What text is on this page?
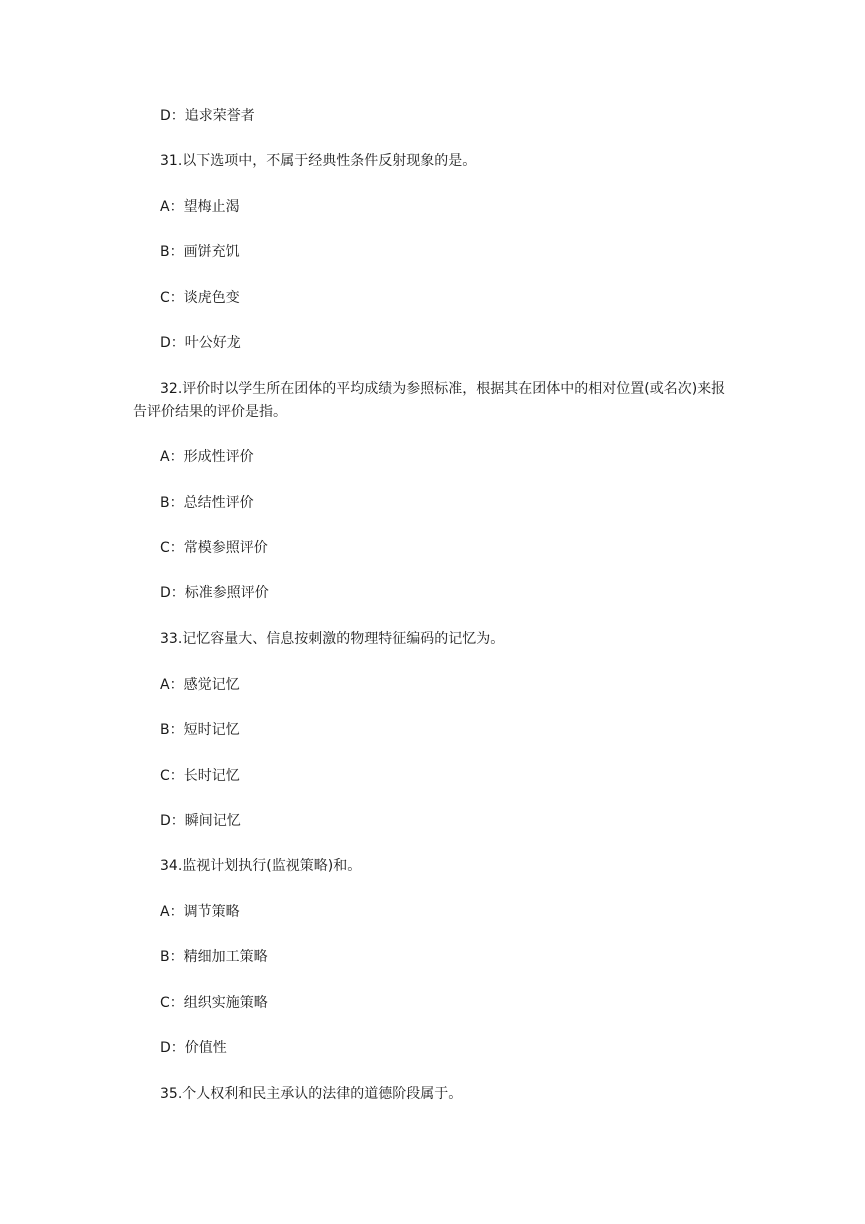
D：追求荣誉者
31.以下选项中，不属于经典性条件反射现象的是。
A：望梅止渴
B：画饼充饥
C：谈虎色变
D：叶公好龙
32.评价时以学生所在团体的平均成绩为参照标准，根据其在团体中的相对位置(或名次)来报告评价结果的评价是指。
A：形成性评价
B：总结性评价
C：常模参照评价
D：标准参照评价
33.记忆容量大、信息按刺激的物理特征编码的记忆为。
A：感觉记忆
B：短时记忆
C：长时记忆
D：瞬间记忆
34.监视计划执行(监视策略)和。
A：调节策略
B：精细加工策略
C：组织实施策略
D：价值性
35.个人权利和民主承认的法律的道德阶段属于。
